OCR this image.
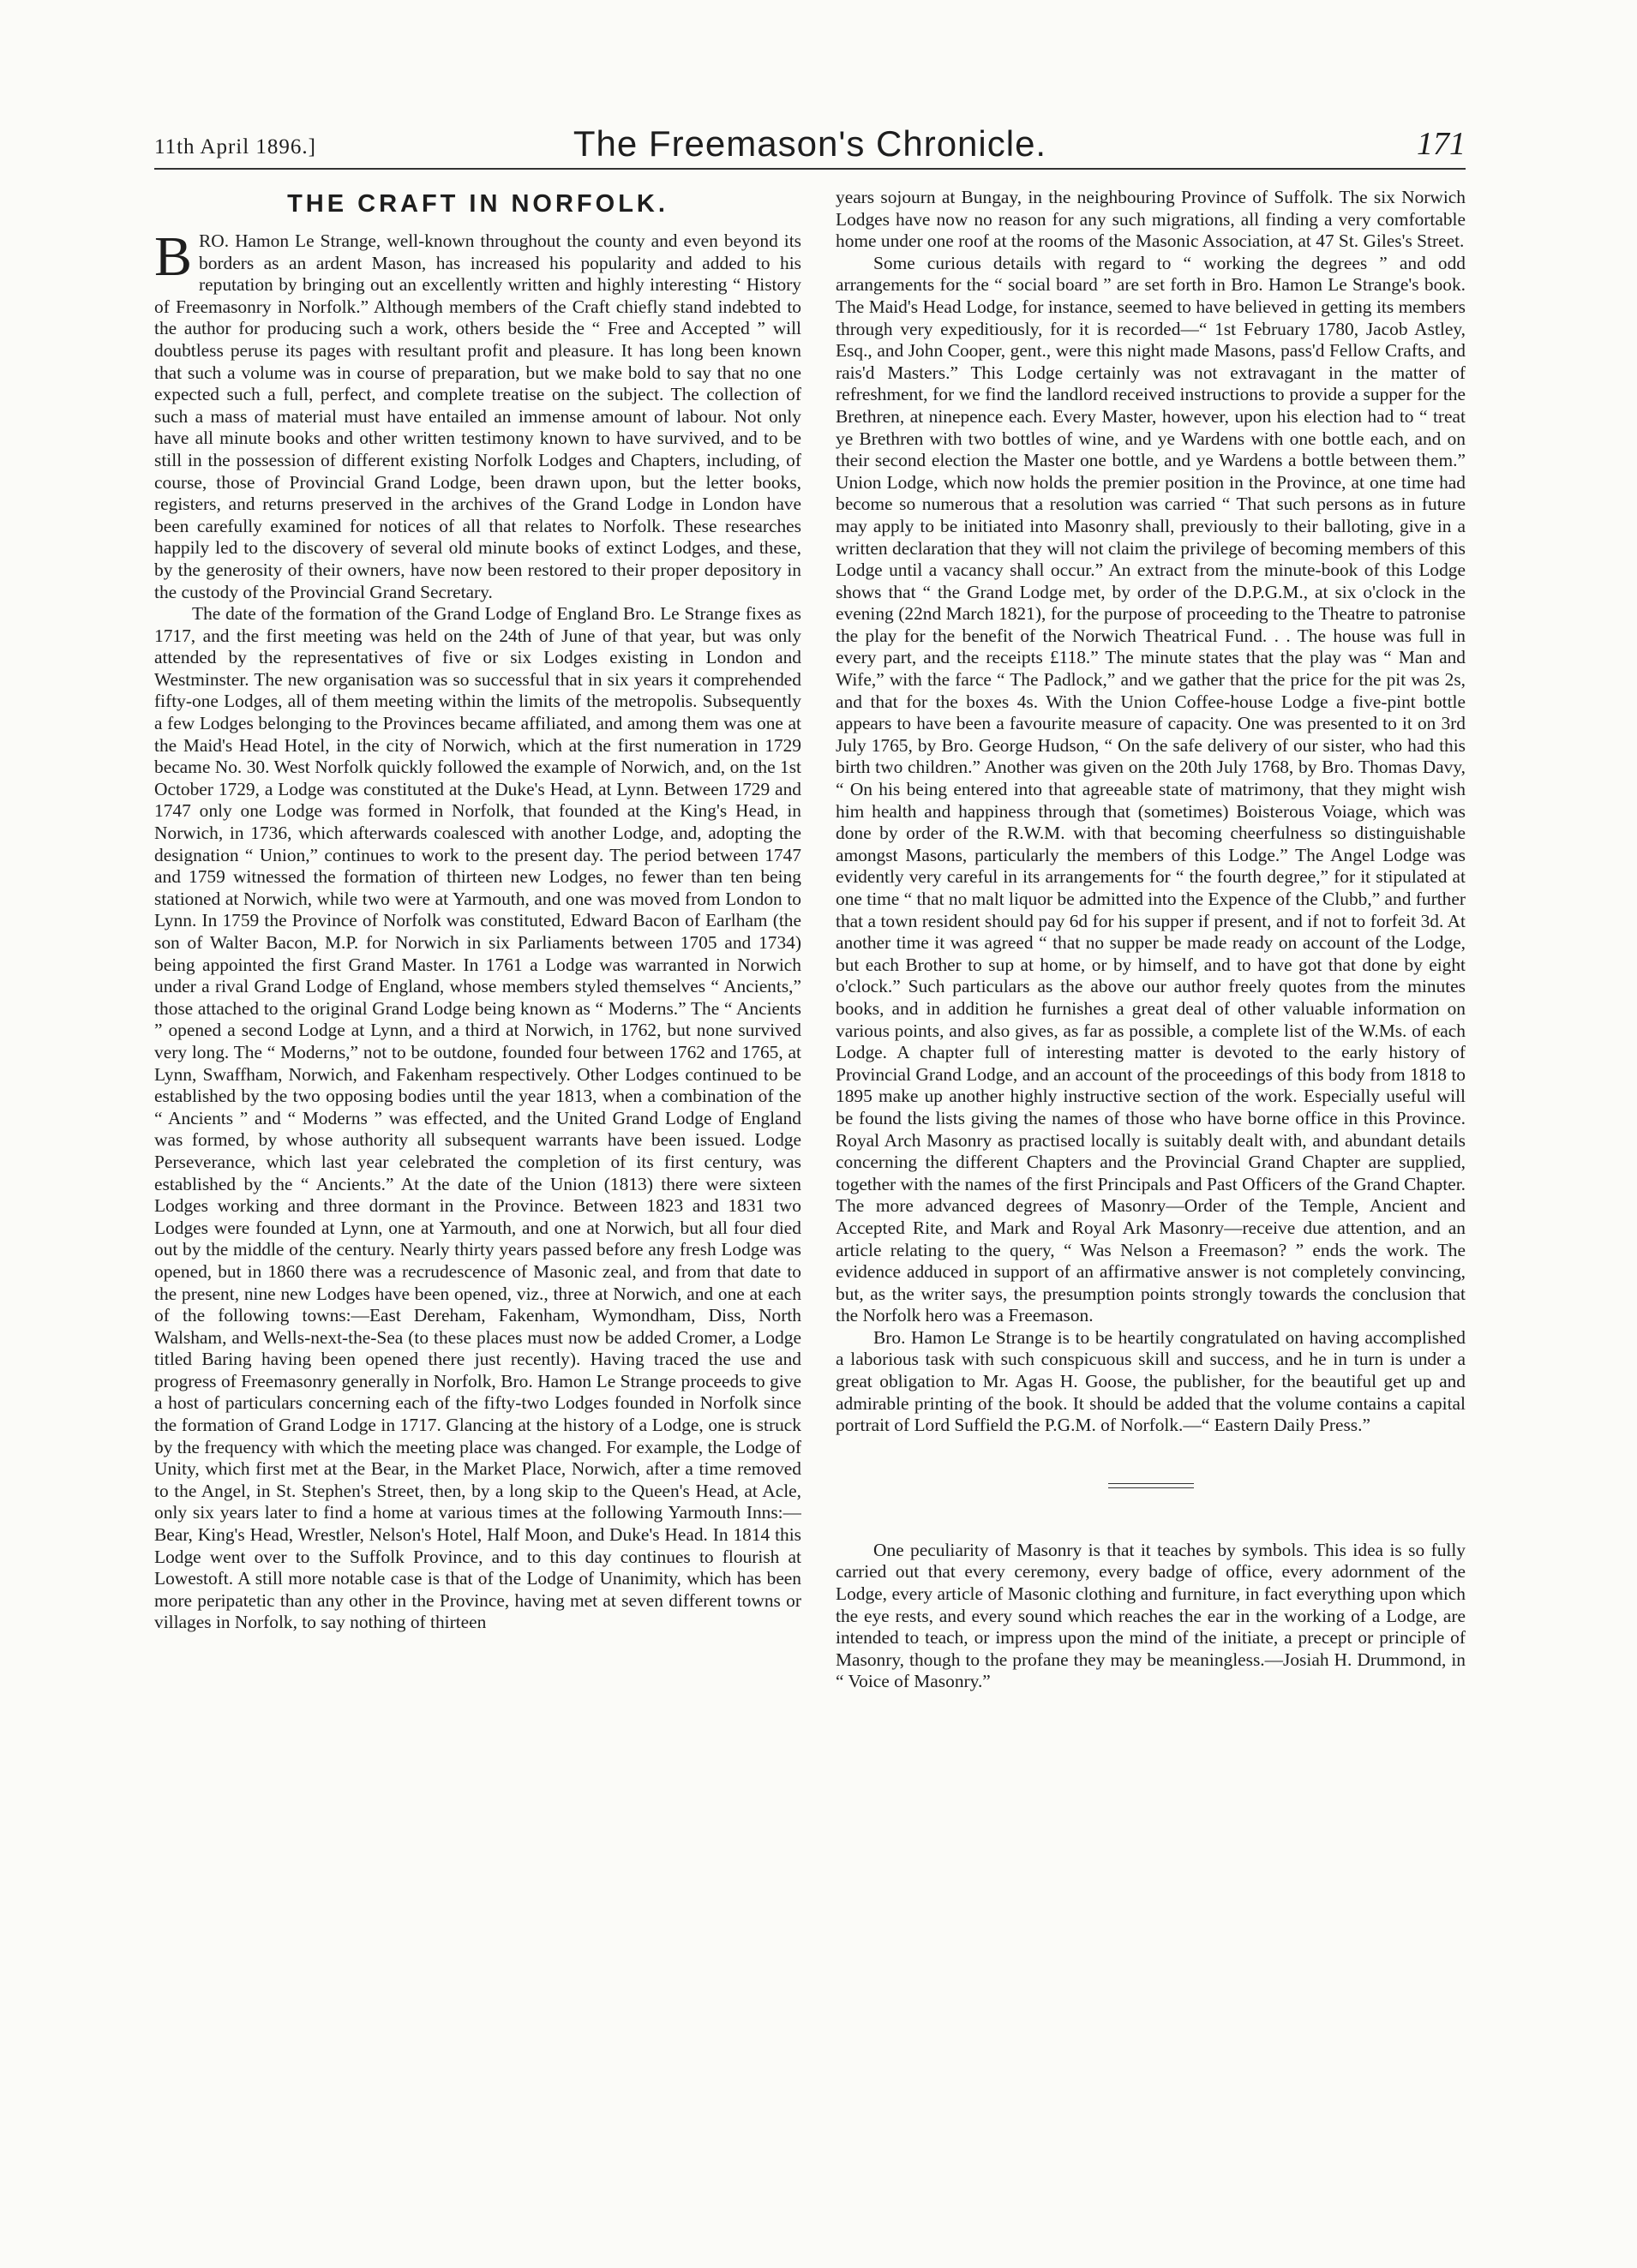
11th April 1896.]	The Freemason's Chronicle.	171
THE CRAFT IN NORFOLK.

BRO. Hamon Le Strange, well-known throughout the county and even beyond its borders as an ardent Mason, has increased his popularity and added to his reputation by bringing out an excellently written and highly interesting “ History of Freemasonry in Norfolk.” Although members of the Craft chiefly stand indebted to the author for producing such a work, others beside the “ Free and Accepted ” will doubtless peruse its pages with resultant profit and pleasure. It has long been known that such a volume was in course of preparation, but we make bold to say that no one expected such a full, perfect, and complete treatise on the subject. The collection of such a mass of material must have entailed an immense amount of labour. Not only have all minute books and other written testimony known to have survived, and to be still in the possession of different existing Norfolk Lodges and Chapters, including, of course, those of Provincial Grand Lodge, been drawn upon, but the letter books, registers, and returns preserved in the archives of the Grand Lodge in London have been carefully examined for notices of all that relates to Norfolk. These researches happily led to the discovery of several old minute books of extinct Lodges, and these, by the generosity of their owners, have now been restored to their proper depository in the custody of the Provincial Grand Secretary.

The date of the formation of the Grand Lodge of England Bro. Le Strange fixes as 1717, and the first meeting was held on the 24th of June of that year, but was only attended by the representatives of five or six Lodges existing in London and Westminster. The new organisation was so successful that in six years it comprehended fifty-one Lodges, all of them meeting within the limits of the metropolis. Subsequently a few Lodges belonging to the Provinces became affiliated, and among them was one at the Maid's Head Hotel, in the city of Norwich, which at the first numeration in 1729 became No. 30. West Norfolk quickly followed the example of Norwich, and, on the 1st October 1729, a Lodge was constituted at the Duke's Head, at Lynn. Between 1729 and 1747 only one Lodge was formed in Norfolk, that founded at the King's Head, in Norwich, in 1736, which afterwards coalesced with another Lodge, and, adopting the designation “ Union,” continues to work to the present day. The period between 1747 and 1759 witnessed the formation of thirteen new Lodges, no fewer than ten being stationed at Norwich, while two were at Yarmouth, and one was moved from London to Lynn. In 1759 the Province of Norfolk was constituted, Edward Bacon of Earlham (the son of Walter Bacon, M.P. for Norwich in six Parliaments between 1705 and 1734) being appointed the first Grand Master. In 1761 a Lodge was warranted in Norwich under a rival Grand Lodge of England, whose members styled themselves “ Ancients,” those attached to the original Grand Lodge being known as “ Moderns.” The “ Ancients ” opened a second Lodge at Lynn, and a third at Norwich, in 1762, but none survived very long. The “ Moderns,” not to be outdone, founded four between 1762 and 1765, at Lynn, Swaffham, Norwich, and Fakenham respectively. Other Lodges continued to be established by the two opposing bodies until the year 1813, when a combination of the “ Ancients ” and “ Moderns ” was effected, and the United Grand Lodge of England was formed, by whose authority all subsequent warrants have been issued. Lodge Perseverance, which last year celebrated the completion of its first century, was established by the “ Ancients.” At the date of the Union (1813) there were sixteen Lodges working and three dormant in the Province. Between 1823 and 1831 two Lodges were founded at Lynn, one at Yarmouth, and one at Norwich, but all four died out by the middle of the century. Nearly thirty years passed before any fresh Lodge was opened, but in 1860 there was a recrudescence of Masonic zeal, and from that date to the present, nine new Lodges have been opened, viz., three at Norwich, and one at each of the following towns:—East Dereham, Fakenham, Wymondham, Diss, North Walsham, and Wells-next-the-Sea (to these places must now be added Cromer, a Lodge titled Baring having been opened there just recently). Having traced the use and progress of Freemasonry generally in Norfolk, Bro. Hamon Le Strange proceeds to give a host of particulars concerning each of the fifty-two Lodges founded in Norfolk since the formation of Grand Lodge in 1717. Glancing at the history of a Lodge, one is struck by the frequency with which the meeting place was changed. For example, the Lodge of Unity, which first met at the Bear, in the Market Place, Norwich, after a time removed to the Angel, in St. Stephen's Street, then, by a long skip to the Queen's Head, at Acle, only six years later to find a home at various times at the following Yarmouth Inns:—Bear, King's Head, Wrestler, Nelson's Hotel, Half Moon, and Duke's Head. In 1814 this Lodge went over to the Suffolk Province, and to this day continues to flourish at Lowestoft. A still more notable case is that of the Lodge of Unanimity, which has been more peripatetic than any other in the Province, having met at seven different towns or villages in Norfolk, to say nothing of thirteen

years sojourn at Bungay, in the neighbouring Province of Suffolk. The six Norwich Lodges have now no reason for any such migrations, all finding a very comfortable home under one roof at the rooms of the Masonic Association, at 47 St. Giles's Street.

Some curious details with regard to “ working the degrees ” and odd arrangements for the “ social board ” are set forth in Bro. Hamon Le Strange's book. The Maid's Head Lodge, for instance, seemed to have believed in getting its members through very expeditiously, for it is recorded—“ 1st February 1780, Jacob Astley, Esq., and John Cooper, gent., were this night made Masons, pass'd Fellow Crafts, and rais'd Masters.” This Lodge certainly was not extravagant in the matter of refreshment, for we find the landlord received instructions to provide a supper for the Brethren, at ninepence each. Every Master, however, upon his election had to “ treat ye Brethren with two bottles of wine, and ye Wardens with one bottle each, and on their second election the Master one bottle, and ye Wardens a bottle between them.” Union Lodge, which now holds the premier position in the Province, at one time had become so numerous that a resolution was carried “ That such persons as in future may apply to be initiated into Masonry shall, previously to their balloting, give in a written declaration that they will not claim the privilege of becoming members of this Lodge until a vacancy shall occur.” An extract from the minute-book of this Lodge shows that “ the Grand Lodge met, by order of the D.P.G.M., at six o'clock in the evening (22nd March 1821), for the purpose of proceeding to the Theatre to patronise the play for the benefit of the Norwich Theatrical Fund. . . The house was full in every part, and the receipts £118.” The minute states that the play was “ Man and Wife,” with the farce “ The Padlock,” and we gather that the price for the pit was 2s, and that for the boxes 4s. With the Union Coffee-house Lodge a five-pint bottle appears to have been a favourite measure of capacity. One was presented to it on 3rd July 1765, by Bro. George Hudson, “ On the safe delivery of our sister, who had this birth two children.” Another was given on the 20th July 1768, by Bro. Thomas Davy, “ On his being entered into that agreeable state of matrimony, that they might wish him health and happiness through that (sometimes) Boisterous Voiage, which was done by order of the R.W.M. with that becoming cheerfulness so distinguishable amongst Masons, particularly the members of this Lodge.” The Angel Lodge was evidently very careful in its arrangements for “ the fourth degree,” for it stipulated at one time “ that no malt liquor be admitted into the Expence of the Clubb,” and further that a town resident should pay 6d for his supper if present, and if not to forfeit 3d. At another time it was agreed “ that no supper be made ready on account of the Lodge, but each Brother to sup at home, or by himself, and to have got that done by eight o'clock.” Such particulars as the above our author freely quotes from the minutes books, and in addition he furnishes a great deal of other valuable information on various points, and also gives, as far as possible, a complete list of the W.Ms. of each Lodge. A chapter full of interesting matter is devoted to the early history of Provincial Grand Lodge, and an account of the proceedings of this body from 1818 to 1895 make up another highly instructive section of the work. Especially useful will be found the lists giving the names of those who have borne office in this Province. Royal Arch Masonry as practised locally is suitably dealt with, and abundant details concerning the different Chapters and the Provincial Grand Chapter are supplied, together with the names of the first Principals and Past Officers of the Grand Chapter. The more advanced degrees of Masonry—Order of the Temple, Ancient and Accepted Rite, and Mark and Royal Ark Masonry—receive due attention, and an article relating to the query, “ Was Nelson a Freemason? ” ends the work. The evidence adduced in support of an affirmative answer is not completely convincing, but, as the writer says, the presumption points strongly towards the conclusion that the Norfolk hero was a Freemason.

Bro. Hamon Le Strange is to be heartily congratulated on having accomplished a laborious task with such conspicuous skill and success, and he in turn is under a great obligation to Mr. Agas H. Goose, the publisher, for the beautiful get up and admirable printing of the book. It should be added that the volume contains a capital portrait of Lord Suffield the P.G.M. of Norfolk.—“ Eastern Daily Press.”

One peculiarity of Masonry is that it teaches by symbols. This idea is so fully carried out that every ceremony, every badge of office, every adornment of the Lodge, every article of Masonic clothing and furniture, in fact everything upon which the eye rests, and every sound which reaches the ear in the working of a Lodge, are intended to teach, or impress upon the mind of the initiate, a precept or principle of Masonry, though to the profane they may be meaningless.—Josiah H. Drummond, in “ Voice of Masonry.”
